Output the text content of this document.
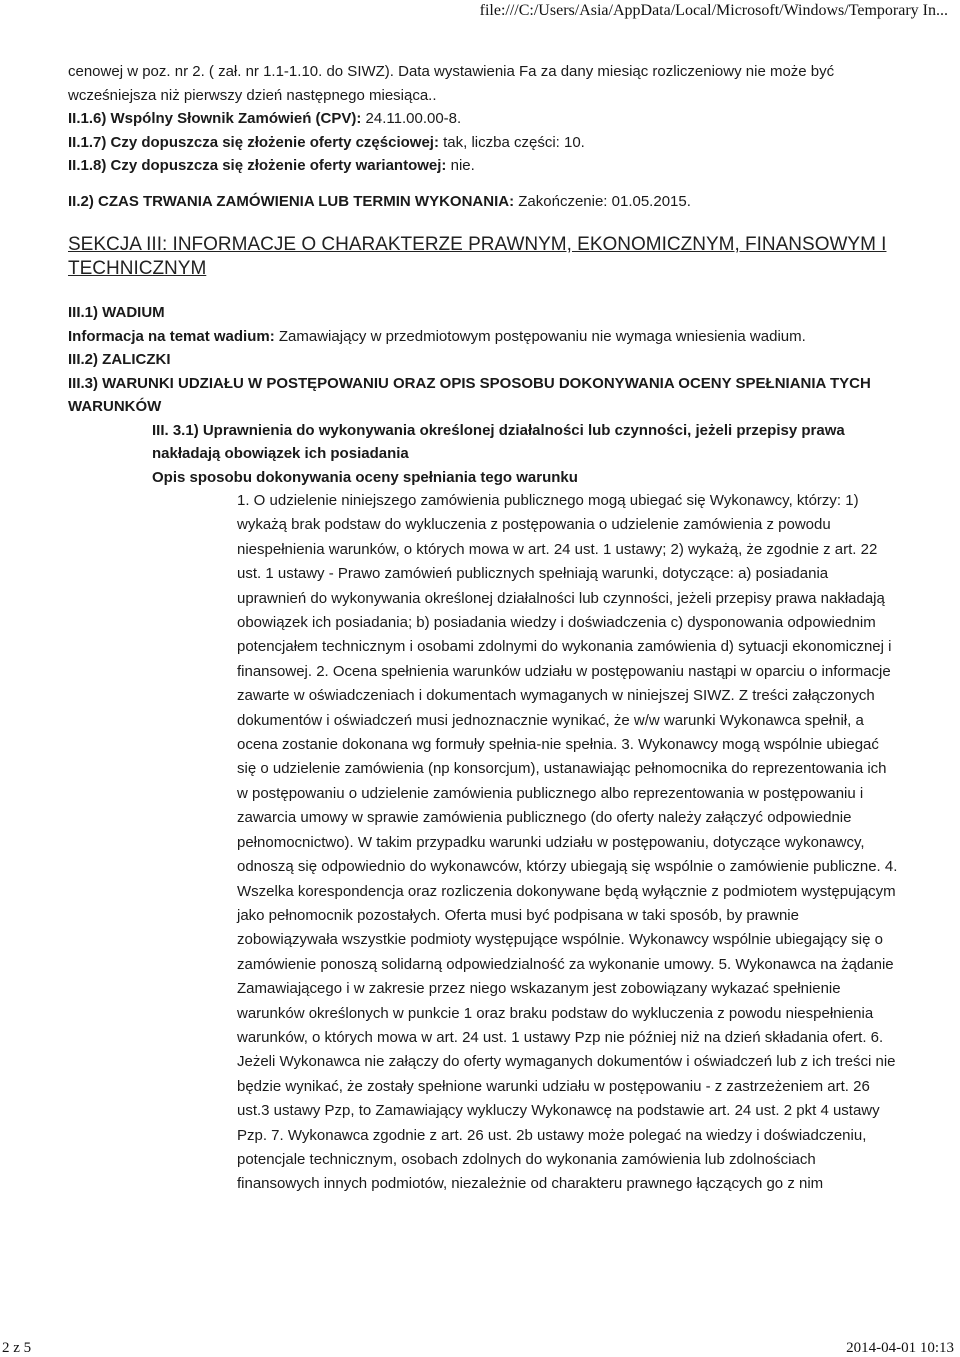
file:///C:/Users/Asia/AppData/Local/Microsoft/Windows/Temporary In...

cenowej w poz. nr 2. ( zał. nr 1.1-1.10. do SIWZ). Data wystawienia Fa za dany miesiąc rozliczeniowy nie może być

wcześniejsza niż pierwszy dzień następnego miesiąca..

II.1.6) Wspólny Słownik Zamówień (CPV): 24.11.00.00-8.

II.1.7) Czy dopuszcza się złożenie oferty częściowej: tak, liczba części: 10.

II.1.8) Czy dopuszcza się złożenie oferty wariantowej: nie.

II.2) CZAS TRWANIA ZAMÓWIENIA LUB TERMIN WYKONANIA: Zakończenie: 01.05.2015.

SEKCJA III: INFORMACJE O CHARAKTERZE PRAWNYM, EKONOMICZNYM, FINANSOWYM I TECHNICZNYM

III.1) WADIUM

Informacja na temat wadium: Zamawiający w przedmiotowym postępowaniu nie wymaga wniesienia wadium.

III.2) ZALICZKI

III.3) WARUNKI UDZIAŁU W POSTĘPOWANIU ORAZ OPIS SPOSOBU DOKONYWANIA OCENY SPEŁNIANIA TYCH WARUNKÓW

III. 3.1) Uprawnienia do wykonywania określonej działalności lub czynności, jeżeli przepisy prawa nakładają obowiązek ich posiadania

Opis sposobu dokonywania oceny spełniania tego warunku

1. O udzielenie niniejszego zamówienia publicznego mogą ubiegać się Wykonawcy, którzy: 1) wykażą brak podstaw do wykluczenia z postępowania o udzielenie zamówienia z powodu niespełnienia warunków, o których mowa w art. 24 ust. 1 ustawy; 2) wykażą, że zgodnie z art. 22 ust. 1 ustawy - Prawo zamówień publicznych spełniają warunki, dotyczące: a) posiadania uprawnień do wykonywania określonej działalności lub czynności, jeżeli przepisy prawa nakładają obowiązek ich posiadania; b) posiadania wiedzy i doświadczenia c) dysponowania odpowiednim potencjałem technicznym i osobami zdolnymi do wykonania zamówienia d) sytuacji ekonomicznej i finansowej. 2. Ocena spełnienia warunków udziału w postępowaniu nastąpi w oparciu o informacje zawarte w oświadczeniach i dokumentach wymaganych w niniejszej SIWZ. Z treści załączonych dokumentów i oświadczeń musi jednoznacznie wynikać, że w/w warunki Wykonawca spełnił, a ocena zostanie dokonana wg formuły spełnia-nie spełnia. 3. Wykonawcy mogą wspólnie ubiegać się o udzielenie zamówienia (np konsorcjum), ustanawiając pełnomocnika do reprezentowania ich w postępowaniu o udzielenie zamówienia publicznego albo reprezentowania w postępowaniu i zawarcia umowy w sprawie zamówienia publicznego (do oferty należy załączyć odpowiednie pełnomocnictwo). W takim przypadku warunki udziału w postępowaniu, dotyczące wykonawcy, odnoszą się odpowiednio do wykonawców, którzy ubiegają się wspólnie o zamówienie publiczne. 4. Wszelka korespondencja oraz rozliczenia dokonywane będą wyłącznie z podmiotem występującym jako pełnomocnik pozostałych. Oferta musi być podpisana w taki sposób, by prawnie zobowiązywała wszystkie podmioty występujące wspólnie. Wykonawcy wspólnie ubiegający się o zamówienie ponoszą solidarną odpowiedzialność za wykonanie umowy. 5. Wykonawca na żądanie Zamawiającego i w zakresie przez niego wskazanym jest zobowiązany wykazać spełnienie warunków określonych w punkcie 1 oraz braku podstaw do wykluczenia z powodu niespełnienia warunków, o których mowa w art. 24 ust. 1 ustawy Pzp nie później niż na dzień składania ofert. 6. Jeżeli Wykonawca nie załączy do oferty wymaganych dokumentów i oświadczeń lub z ich treści nie będzie wynikać, że zostały spełnione warunki udziału w postępowaniu - z zastrzeżeniem art. 26 ust.3 ustawy Pzp, to Zamawiający wykluczy Wykonawcę na podstawie art. 24 ust. 2 pkt 4 ustawy Pzp. 7. Wykonawca zgodnie z art. 26 ust. 2b ustawy może polegać na wiedzy i doświadczeniu, potencjale technicznym, osobach zdolnych do wykonania zamówienia lub zdolnościach finansowych innych podmiotów, niezależnie od charakteru prawnego łączących go z nim

2 z 5	2014-04-01 10:13
